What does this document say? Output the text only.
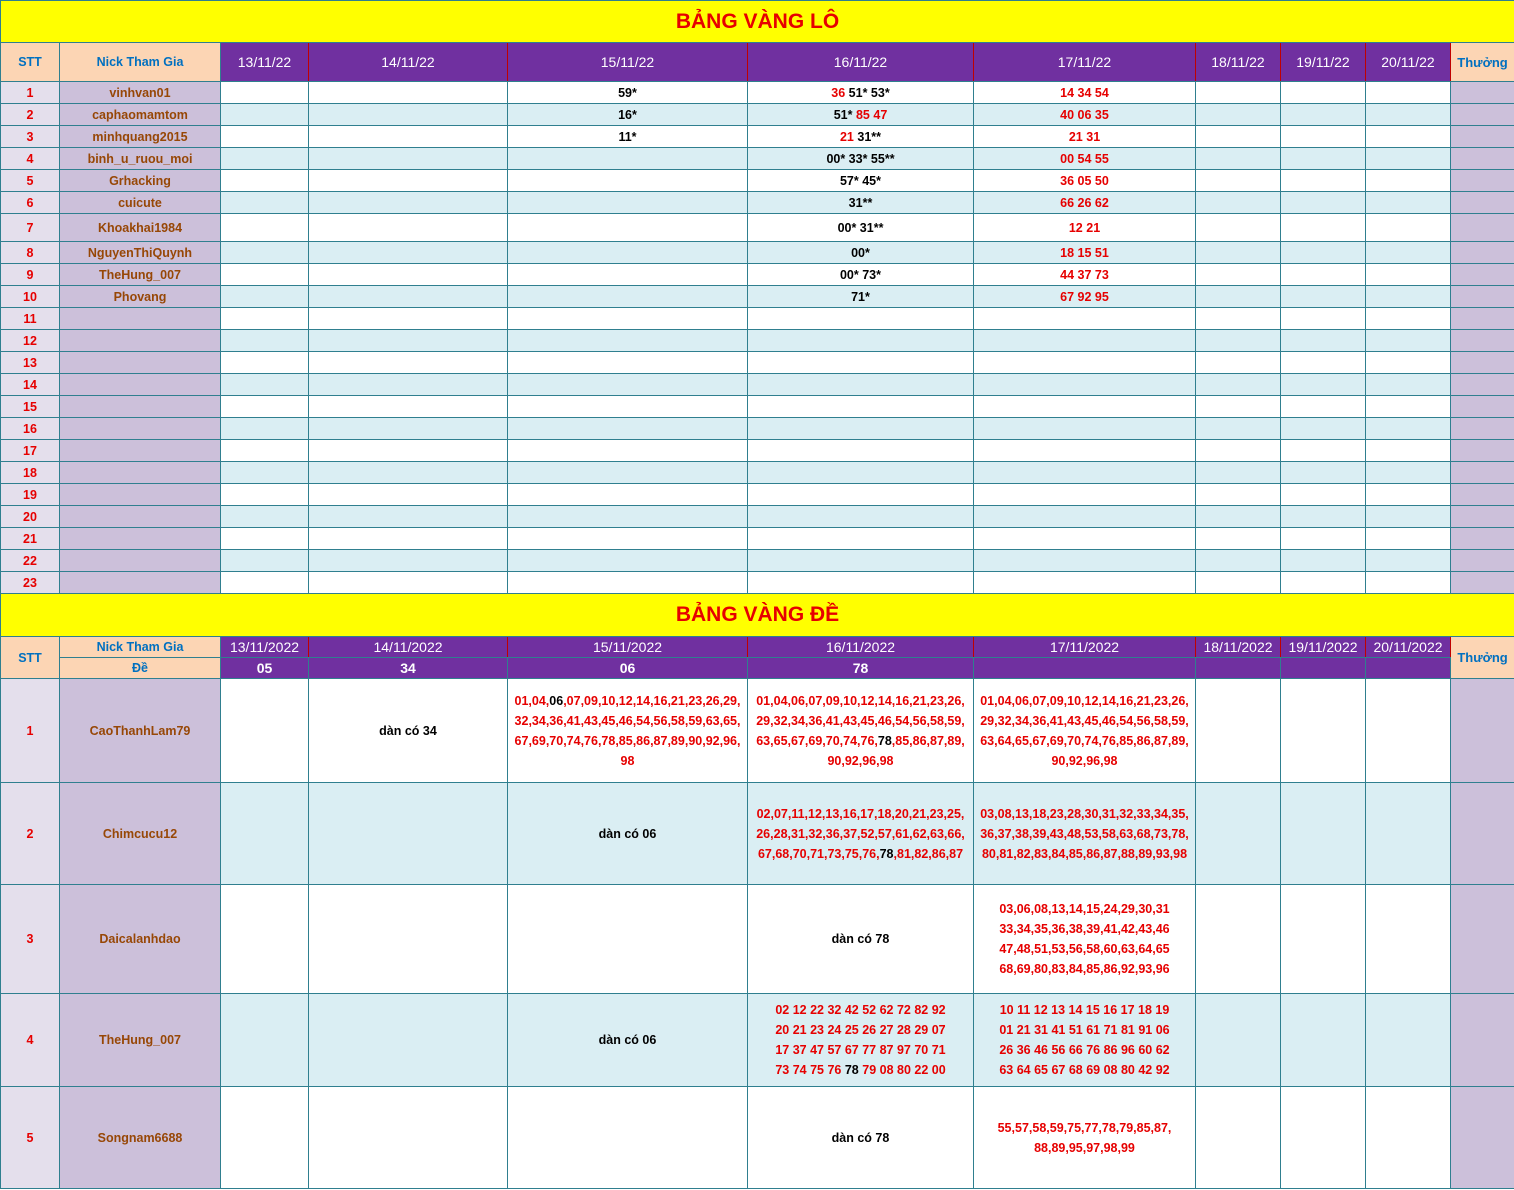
BẢNG VÀNG LÔ										
STT	Nick Tham Gia	13/11/22	14/11/22	15/11/22	16/11/22	17/11/22	18/11/22	19/11/22	20/11/22	Thưởng
1	vinhvan01			59*	36 51* 53*	14 34 54				
2	caphaomamtom			16*	51* 85 47	40 06 35				
3	minhquang2015			11*	21 31**	21 31				
4	binh_u_ruou_moi				00* 33* 55**	00 54 55				
5	Grhacking				57* 45*	36 05 50				
6	cuicute				31**	66 26 62				
7	Khoakhai1984				00* 31**	12 21				
8	NguyenThiQuynh				00*	18 15 51				
9	TheHung_007				00* 73*	44 37 73				
10	Phovang				71*	67 92 95				
11										
12										
13										
14										
15										
16										
17										
18										
19										
20										
21										
22										
23										
BẢNG VÀNG ĐỀ										
STT	Nick Tham Gia	13/11/2022	14/11/2022	15/11/2022	16/11/2022	17/11/2022	18/11/2022	19/11/2022	20/11/2022	Thưởng
	Đề	05	34	06	78					
1	CaoThanhLam79		dàn có 34	01,04,06,07,09,10,12,14,16,21,23,26,29,
32,34,36,41,43,45,46,54,56,58,59,63,65,
67,69,70,74,76,78,85,86,87,89,90,92,96,
98	01,04,06,07,09,10,12,14,16,21,23,26,
29,32,34,36,41,43,45,46,54,56,58,59,
63,65,67,69,70,74,76,78,85,86,87,89,
90,92,96,98	01,04,06,07,09,10,12,14,16,21,23,26,
29,32,34,36,41,43,45,46,54,56,58,59,
63,64,65,67,69,70,74,76,85,86,87,89,
90,92,96,98				

2	Chimcucu12			dàn có 06	02,07,11,12,13,16,17,18,20,21,23,25,
26,28,31,32,36,37,52,57,61,62,63,66,
67,68,70,71,73,75,76,78,81,82,86,87	03,08,13,18,23,28,30,31,32,33,34,35,
36,37,38,39,43,48,53,58,63,68,73,78,
80,81,82,83,84,85,86,87,88,89,93,98				

3	Daicalanhdao				dàn có 78	03,06,08,13,14,15,24,29,30,31
33,34,35,36,38,39,41,42,43,46
47,48,51,53,56,58,60,63,64,65
68,69,80,83,84,85,86,92,93,96				

4	TheHung_007			dàn có 06	02 12 22 32 42 52 62 72 82 92
20 21 23 24 25 26 27 28 29 07
17 37 47 57 67 77 87 97 70 71
73 74 75 76 78 79 08 80 22 00	10 11 12 13 14 15 16 17 18 19
01 21 31 41 51 61 71 81 91 06
26 36 46 56 66 76 86 96 60 62
63 64 65 67 68 69 08 80 42 92				

5	Songnam6688				dàn có 78	55,57,58,59,75,77,78,79,85,87,
88,89,95,97,98,99				
